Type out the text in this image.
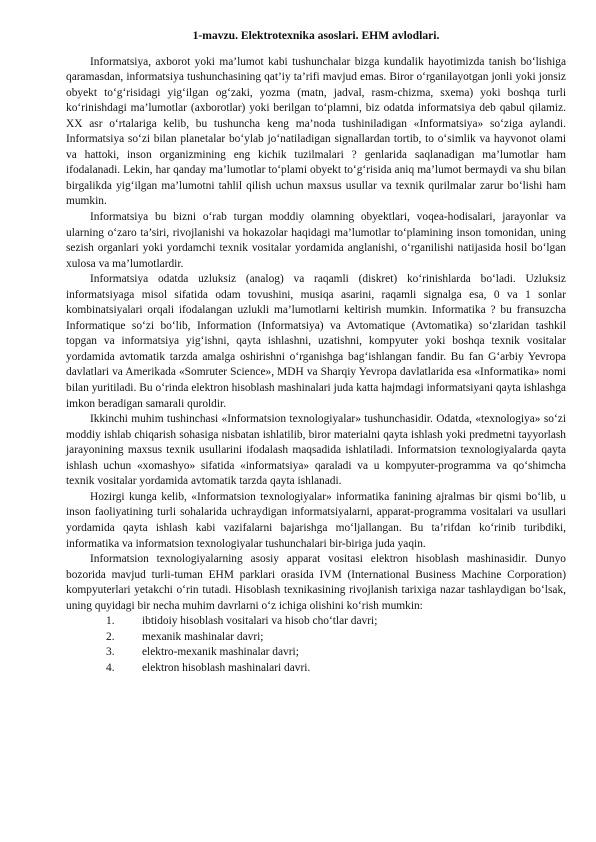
1-mavzu. Elektrotexnika asoslari. EHM avlodlari.

Informatsiya, axborot yoki ma’lumot kabi tushunchalar bizga kundalik hayotimizda tanish bo‘lishiga qaramasdan, informatsiya tushunchasining qat’iy ta’rifi mavjud emas. Biror o‘rganilayotgan jonli yoki jonsiz obyekt to‘g‘risidagi yig‘ilgan og‘zaki, yozma (matn, jadval, rasm-chizma, sxema) yoki boshqa turli ko‘rinishdagi ma’lumotlar (axborotlar) yoki berilgan to‘plamni, biz odatda informatsiya deb qabul qilamiz. XX asr o‘rtalariga kelib, bu tushuncha keng ma’noda tushiniladigan «Informatsiya» so‘ziga aylandi. Informatsiya so‘zi bilan planetalar bo‘ylab jo‘natiladigan signallardan tortib, to o‘simlik va hayvonot olami va hattoki, inson organizmining eng kichik tuzilmalari ? genlarida saqlanadigan ma’lumotlar ham ifodalanadi. Lekin, har qanday ma’lumotlar to‘plami obyekt to‘g‘risida aniq ma’lumot bermaydi va shu bilan birgalikda yig‘ilgan ma’lumotni tahlil qilish uchun maxsus usullar va texnik qurilmalar zarur bo‘lishi ham mumkin.

Informatsiya bu bizni o‘rab turgan moddiy olamning obyektlari, voqea-hodisalari, jarayonlar va ularning o‘zaro ta’siri, rivojlanishi va hokazolar haqidagi ma’lumotlar to‘plamining inson tomonidan, uning sezish organlari yoki yordamchi texnik vositalar yordamida anglanishi, o‘rganilishi natijasida hosil bo‘lgan xulosa va ma’lumotlardir.

Informatsiya odatda uzluksiz (analog) va raqamli (diskret) ko‘rinishlarda bo‘ladi. Uzluksiz informatsiyaga misol sifatida odam tovushini, musiqa asarini, raqamli signalga esa, 0 va 1 sonlar kombinatsiyalari orqali ifodalangan uzlukli ma’lumotlarni keltirish mumkin. Informatika ? bu fransuzcha Informatique so‘zi bo‘lib, Information (Informatsiya) va Avtomatique (Avtomatika) so‘zlaridan tashkil topgan va informatsiya yig‘ishni, qayta ishlashni, uzatishni, kompyuter yoki boshqa texnik vositalar yordamida avtomatik tarzda amalga oshirishni o‘rganishga bag‘ishlangan fandir. Bu fan G‘arbiy Yevropa davlatlari va Amerikada «Somruter Science», MDH va Sharqiy Yevropa davlatlarida esa «Informatika» nomi bilan yuritiladi. Bu o‘rinda elektron hisoblash mashinalari juda katta hajmdagi informatsiyani qayta ishlashga imkon beradigan samarali quroldir.

Ikkinchi muhim tushinchasi «Informatsion texnologiyalar» tushunchasidir. Odatda, «texnologiya» so‘zi moddiy ishlab chiqarish sohasiga nisbatan ishlatilib, biror materialni qayta ishlash yoki predmetni tayyorlash jarayonining maxsus texnik usullarini ifodalash maqsadida ishlatiladi. Informatsion texnologiyalarda qayta ishlash uchun «xomashyo» sifatida «informatsiya» qaraladi va u kompyuter-programma va qo‘shimcha texnik vositalar yordamida avtomatik tarzda qayta ishlanadi.

Hozirgi kunga kelib, «Informatsion texnologiyalar» informatika fanining ajralmas bir qismi bo‘lib, u inson faoliyatining turli sohalarida uchraydigan informatsiyalarni, apparat-programma vositalari va usullari yordamida qayta ishlash kabi vazifalarni bajarishga mo‘ljallangan. Bu ta’rifdan ko‘rinib turibdiki, informatika va informatsion texnologiyalar tushunchalari bir-biriga juda yaqin.

Informatsion texnologiyalarning asosiy apparat vositasi elektron hisoblash mashinasidir. Dunyo bozorida mavjud turli-tuman EHM parklari orasida IVM (International Business Machine Corporation) kompyuterlari yetakchi o‘rin tutadi. Hisoblash texnikasining rivojlanish tarixiga nazar tashlaydigan bo‘lsak, uning quyidagi bir necha muhim davrlarni o‘z ichiga olishini ko‘rish mumkin:

1.	ibtidoiy hisoblash vositalari va hisob cho‘tlar davri;
2.	mexanik mashinalar davri;
3.	elektro-mexanik mashinalar davri;
4.	elektron hisoblash mashinalari davri.
